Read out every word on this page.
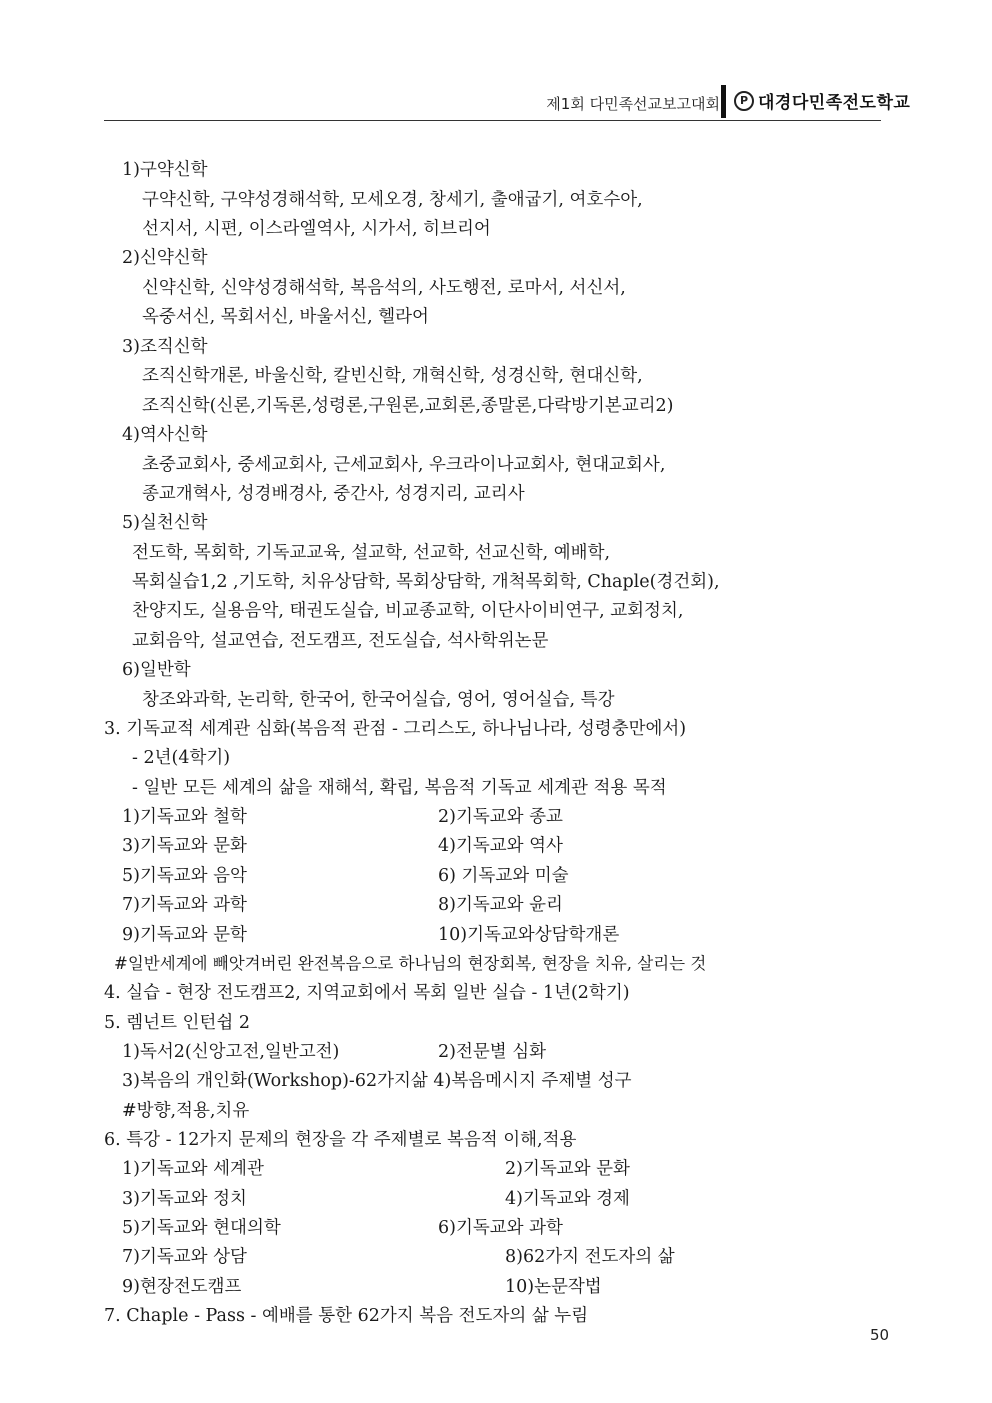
제1회 다민족선교보고대회	P 대경다민족전도학교
1)구약신학
구약신학, 구약성경해석학, 모세오경, 창세기, 출애굽기, 여호수아,
선지서, 시편, 이스라엘역사, 시가서, 히브리어
2)신약신학
신약신학, 신약성경해석학, 복음석의, 사도행전, 로마서, 서신서,
옥중서신, 목회서신, 바울서신, 헬라어
3)조직신학
조직신학개론, 바울신학, 칼빈신학, 개혁신학, 성경신학, 현대신학,
조직신학(신론,기독론,성령론,구원론,교회론,종말론,다락방기본교리2)
4)역사신학
초중교회사, 중세교회사, 근세교회사, 우크라이나교회사, 현대교회사,
종교개혁사, 성경배경사, 중간사, 성경지리, 교리사
5)실천신학
전도학, 목회학, 기독교교육, 설교학, 선교학, 선교신학, 예배학,
목회실습1,2 ,기도학, 치유상담학, 목회상담학, 개척목회학, Chaple(경건회),
찬양지도, 실용음악, 태권도실습, 비교종교학, 이단사이비연구, 교회정치,
교회음악, 설교연습, 전도캠프, 전도실습, 석사학위논문
6)일반학
창조와과학, 논리학, 한국어, 한국어실습, 영어, 영어실습, 특강
3. 기독교적 세계관 심화(복음적 관점 - 그리스도, 하나님나라, 성령충만에서)
- 2년(4학기)
- 일반 모든 세계의 삶을 재해석, 확립, 복음적 기독교 세계관 적용 목적
1)기독교와 철학	2)기독교와 종교
3)기독교와 문화	4)기독교와 역사
5)기독교와 음악	6) 기독교와 미술
7)기독교와 과학	8)기독교와 윤리
9)기독교와 문학	10)기독교와상담학개론
#일반세계에 빼앗겨버린 완전복음으로 하나님의 현장회복, 현장을 치유, 살리는 것
4. 실습 - 현장 전도캠프2, 지역교회에서 목회 일반 실습 - 1년(2학기)
5. 렘넌트 인턴쉽 2
1)독서2(신앙고전,일반고전)	2)전문별 심화
3)복음의 개인화(Workshop)-62가지삶 4)복음메시지 주제별 성구
#방향,적용,치유
6. 특강 - 12가지 문제의 현장을 각 주제별로 복음적 이해,적용
1)기독교와 세계관	2)기독교와 문화
3)기독교와 정치	4)기독교와 경제
5)기독교와 현대의학	6)기독교와 과학
7)기독교와 상담	8)62가지 전도자의 삶
9)현장전도캠프	10)논문작법
7. Chaple - Pass - 예배를 통한 62가지 복음 전도자의 삶 누림
50
